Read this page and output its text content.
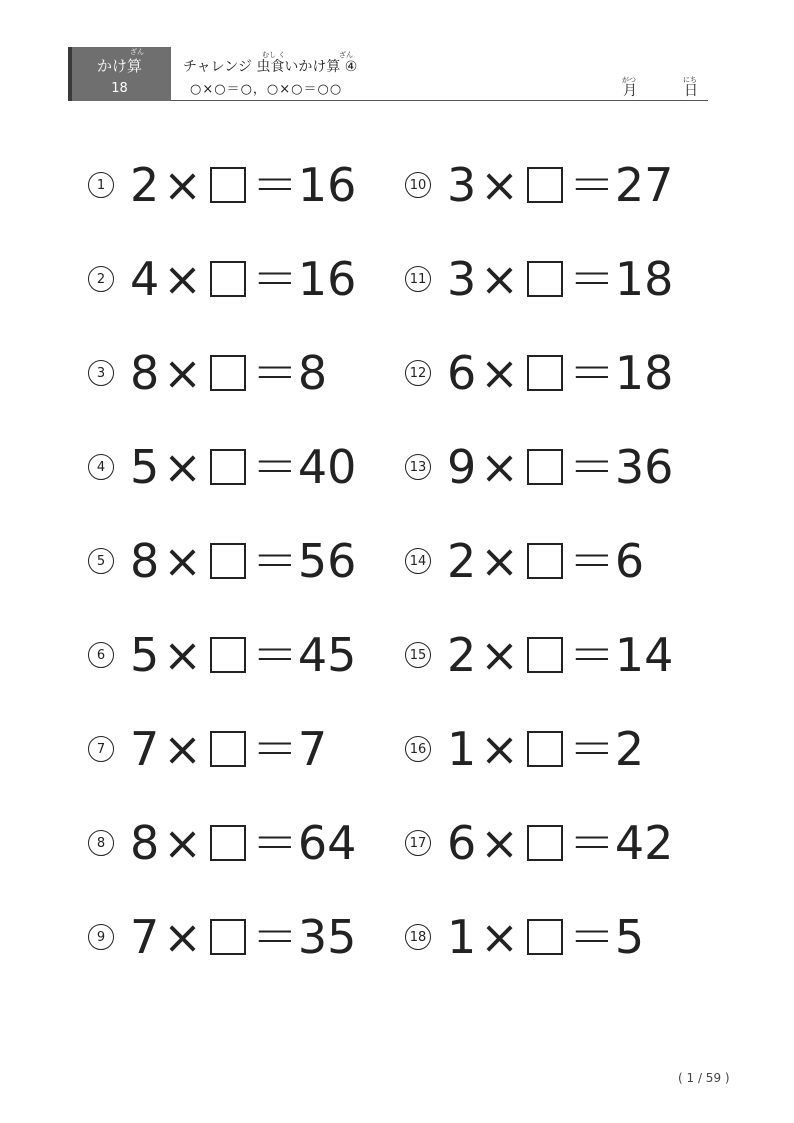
ざん
かけ算
18
むし く	ざん
チャレンジ 虫食いかけ算 ④
○×○＝○，○×○＝○○
がつ
月
にち
日
1 2 × ＝ 16
2 4 × ＝ 16
3 8 × ＝ 8
4 5 × ＝ 40
5 8 × ＝ 56
6 5 × ＝ 45
7 7 × ＝ 7
8 8 × ＝ 64
9 7 × ＝ 35
10 3 × ＝ 27
11 3 × ＝ 18
12 6 × ＝ 18
13 9 × ＝ 36
14 2 × ＝ 6
15 2 × ＝ 14
16 1 × ＝ 2
17 6 × ＝ 42
18 1 × ＝ 5
( 1 / 59 )
